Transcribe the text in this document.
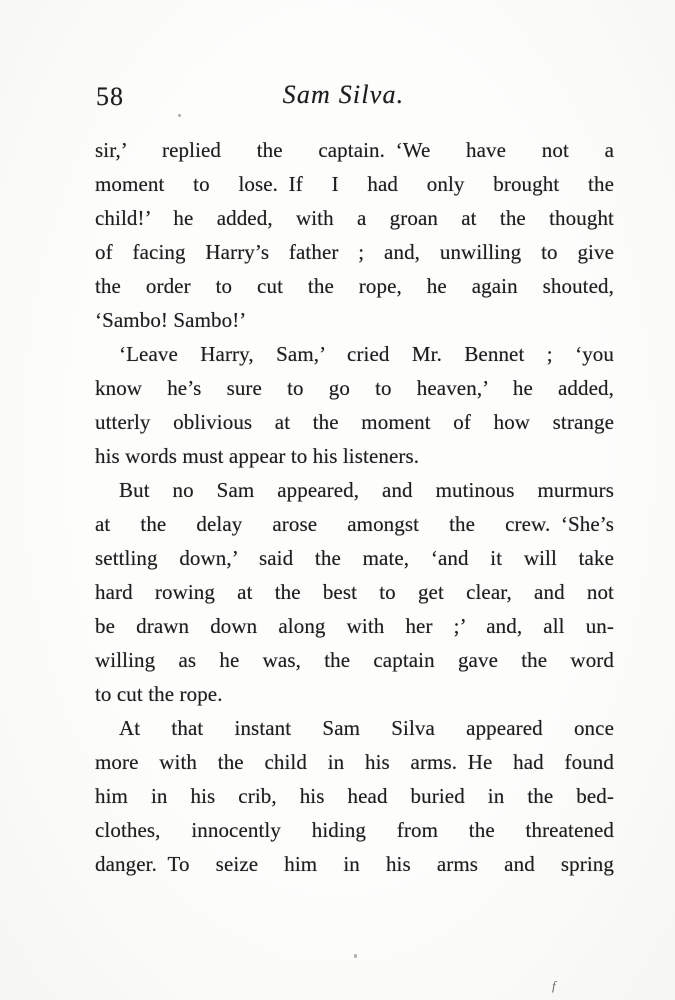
58	Sam Silva.
sir,’ replied the captain. ‘We have not a
moment to lose. If I had only brought the
child!’ he added, with a groan at the thought
of facing Harry’s father ; and, unwilling to give
the order to cut the rope, he again shouted,
‘Sambo! Sambo!’
‘Leave Harry, Sam,’ cried Mr. Bennet ; ‘you
know he’s sure to go to heaven,’ he added,
utterly oblivious at the moment of how strange
his words must appear to his listeners.
But no Sam appeared, and mutinous murmurs
at the delay arose amongst the crew. ‘She’s
settling down,’ said the mate, ‘and it will take
hard rowing at the best to get clear, and not
be drawn down along with her ;’ and, all un-
willing as he was, the captain gave the word
to cut the rope.
At that instant Sam Silva appeared once
more with the child in his arms. He had found
him in his crib, his head buried in the bed-
clothes, innocently hiding from the threatened
danger. To seize him in his arms and spring
f
